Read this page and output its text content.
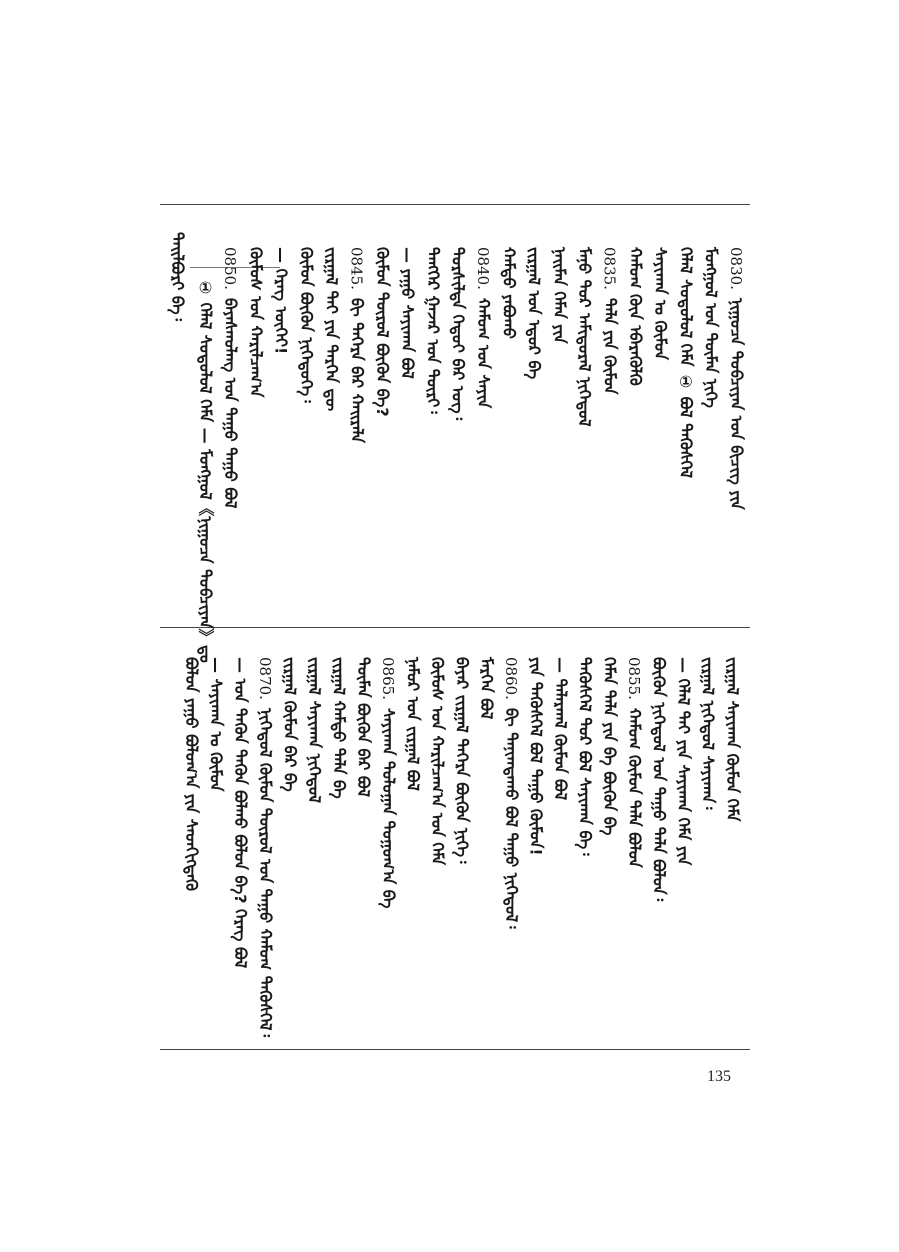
ᠲᠠᠢᠯᠪᠣᠷᠢ ᠪᠠ᠄
① ᠬᠡᠯᠡᠯ ᠰᠤᠳᠤᠯᠤᠯ ᠬᠡᠮᠡ — ᠮᠣᠩᠭᠣᠯ《ᠨᠢᠭᠤᠴᠠ ᠲᠣᠪᠴᠢᠶᠠᠨ》ᠳᠤ
0850.ᠪᠠᠶᠠᠰᠬᠤᠯᠠᠩ ᠤᠨ ᠳᠠᠭᠤ ᠳᠠᠭᠤ ᠪᠣᠯ ᠬᠦᠮᠦᠰ ᠤᠨ ᠬᠠᠷᠢᠯᠴᠠᠭ᠎ᠠ — ᠬᠡᠷᠡᠭ ᠦᠭᠡᠢ! ᠬᠦᠮᠦᠨ ᠪᠦᠬᠦᠨ ᠨᠢᠭᠡᠳᠦᠭᠡ᠄ ᠵᠢᠷᠭᠠᠯ ᠲᠠᠢ ᠶᠢᠨ ᠲᠡᠷᠭᠡᠨ ᠳᠦ 0845.ᠪᠢ ᠳᠡᠭᠡᠷᠡ ᠪᠡᠷ ᠬᠠᠢᠷᠠᠯᠠ ᠬᠦᠮᠦᠨ ᠲᠦᠷᠦᠯ ᠪᠦᠬᠦᠨ ᠪᠠ? — ᠶᠠᠭᠤ ᠰᠠᠶᠢᠬᠠᠨ ᠪᠣᠯ ᠲᠡᠩᠭᠡᠷ ᠭᠠᠵᠠᠷ ᠤᠨ ᠳᠦᠷᠢ᠄ ᠲᠤᠷᠰᠢᠯᠲᠠ ᠬᠡᠳᠦᠢ ᠪᠡᠷ ᠤᠭ᠌᠄ 0840.ᠬᠠᠮᠤᠭ ᠤᠨ ᠰᠠᠶᠢᠨ
ᠬᠠᠮᠲᠤ ᠶᠠᠪᠤᠬᠤ ᠵᠢᠷᠭᠠᠯ ᠤᠨ ᠡᠳᠦᠷ ᠪᠠ ᠨᠠᠢᠮᠠᠨ ᠬᠡᠮᠡᠨ ᠶᠢᠨ ᠮᠠᠨᠤ ᠳᠤᠷ ᠠᠮᠢᠳᠤᠷᠠᠯ ᠨᠢᠭᠡᠳᠦᠯ 0835.ᠲᠠᠯᠠ ᠶᠢᠨ ᠬᠦᠮᠦᠨ ᠬᠠᠮᠤᠭ ᠬᠦᠨ ᠡᠪᠡᠷᠡᠭᠦᠯᠬᠦ ᠰᠠᠶᠢᠬᠠᠨ ᠤ ᠬᠦᠮᠦᠨ ᠬᠡᠯᠡᠯ ᠰᠤᠳᠤᠯᠤᠯ ᠬᠡᠮᠡ ① ᠪᠣᠯ ᠲᠡᠭᠦᠰᠬᠡᠯ ᠮᠣᠩᠭᠣᠯ ᠤᠨ ᠲᠦᠮᠡᠨ ᠨᠢᠭᠡ 0830.ᠨᠢᠭᠤᠴᠠ ᠲᠣᠪᠴᠢᠶᠠᠨ ᠤᠨ ᠪᠢᠴᠢᠭ ᠶᠢᠨ
ᠪᠣᠯᠤᠨ ᠶᠠᠭᠤ ᠪᠣᠯᠤᠭ᠎ᠠ ᠶᠢᠨ ᠰᠡᠳᠭᠢᠭᠳᠡᠬᠦ — ᠰᠠᠶᠢᠬᠠᠨ ᠤ ᠬᠦᠮᠦᠨ — ᠤᠨ ᠲᠡᠭᠦᠨ ᠲᠡᠭᠦᠨ ᠪᠣᠯᠬᠤ ᠪᠣᠯᠤᠨ ᠪᠠ? ᠬᠡᠷᠡᠭ ᠪᠣᠯ 0870.ᠨᠢᠭᠡᠳᠦᠯ ᠬᠦᠮᠦᠨ ᠲᠦᠷᠦᠯ ᠤᠨ ᠳᠠᠭᠤ ᠬᠠᠮᠤᠭ ᠲᠡᠭᠦᠰᠬᠡᠯ᠄ ᠵᠢᠷᠭᠠᠯ ᠬᠦᠮᠦᠨ ᠪᠠᠷ ᠪᠠ ᠵᠢᠷᠭᠠᠯ ᠰᠠᠶᠢᠬᠠᠨ ᠨᠢᠭᠡᠳᠦᠯ ᠵᠢᠷᠭᠠᠯ ᠬᠠᠮᠲᠤ ᠲᠠᠯᠠ ᠪᠠ ᠲᠦᠮᠡᠨ ᠪᠦᠬᠦᠨ ᠪᠠᠷ ᠪᠣᠯ 0865.ᠰᠠᠶᠢᠬᠠᠨ ᠳᠣᠯᠣᠭᠠᠨ ᠲᠣᠭᠤᠭ᠎ᠠ ᠪᠠ ᠨᠠᠮᠤᠷ ᠤᠨ ᠵᠢᠷᠭᠠᠯ ᠪᠣᠯ ᠬᠦᠮᠦᠰ ᠤᠨ ᠬᠠᠷᠢᠯᠴᠠᠭ᠎ᠠ ᠤᠨ ᠬᠡᠮᠡ ᠪᠠᠶᠠᠷ ᠵᠢᠷᠭᠠᠯ ᠳᠡᠭᠡᠷᠡ ᠪᠦᠬᠦᠨ ᠨᠢᠭᠡ᠄ ᠮᠡᠷᠭᠡᠨ ᠪᠣᠯ 0860.ᠪᠢ ᠲᠠᠨᠢᠭᠳᠠᠬᠤ ᠪᠣᠯ ᠳᠠᠭᠤ ᠨᠢᠭᠡᠳᠦᠯ᠄ ᠶᠢᠨ ᠲᠡᠭᠦᠰᠬᠡᠯ ᠪᠣᠯ ᠳᠠᠭᠤ ᠬᠦᠮᠦᠨ! — ᠲᠠᠯᠠᠷᠬᠠᠯ ᠬᠦᠮᠦᠨ ᠪᠣᠯ ᠲᠡᠭᠦᠰᠬᠡᠯ ᠳᠤᠷ ᠪᠣᠯ ᠰᠠᠶᠢᠬᠠᠨ ᠪᠠ᠄ ᠬᠡᠮᠡᠨ ᠲᠠᠯᠠ ᠶᠢᠨ ᠪᠠ ᠪᠦᠬᠦᠨ ᠪᠠ 0855.ᠬᠠᠮᠤᠭ ᠬᠦᠮᠦᠨ ᠲᠠᠯᠠ ᠪᠣᠯᠤᠨ ᠪᠦᠬᠦᠨ ᠨᠢᠭᠡᠳᠦᠯ ᠤᠨ ᠳᠠᠭᠤ ᠲᠠᠯᠠ ᠪᠣᠯᠤᠨ᠄ — ᠬᠡᠯᠡᠯ ᠲᠠᠢ ᠶᠢᠨ ᠰᠠᠶᠢᠬᠠᠨ ᠬᠡᠮᠡ ᠶᠢᠨ ᠵᠢᠷᠭᠠᠯ ᠨᠢᠭᠡᠳᠦᠯ ᠰᠠᠶᠢᠬᠠᠨ᠄ ᠵᠢᠷᠭᠠᠯ ᠰᠠᠶᠢᠬᠠᠨ ᠬᠦᠮᠦᠨ ᠬᠡᠮᠡ
135
